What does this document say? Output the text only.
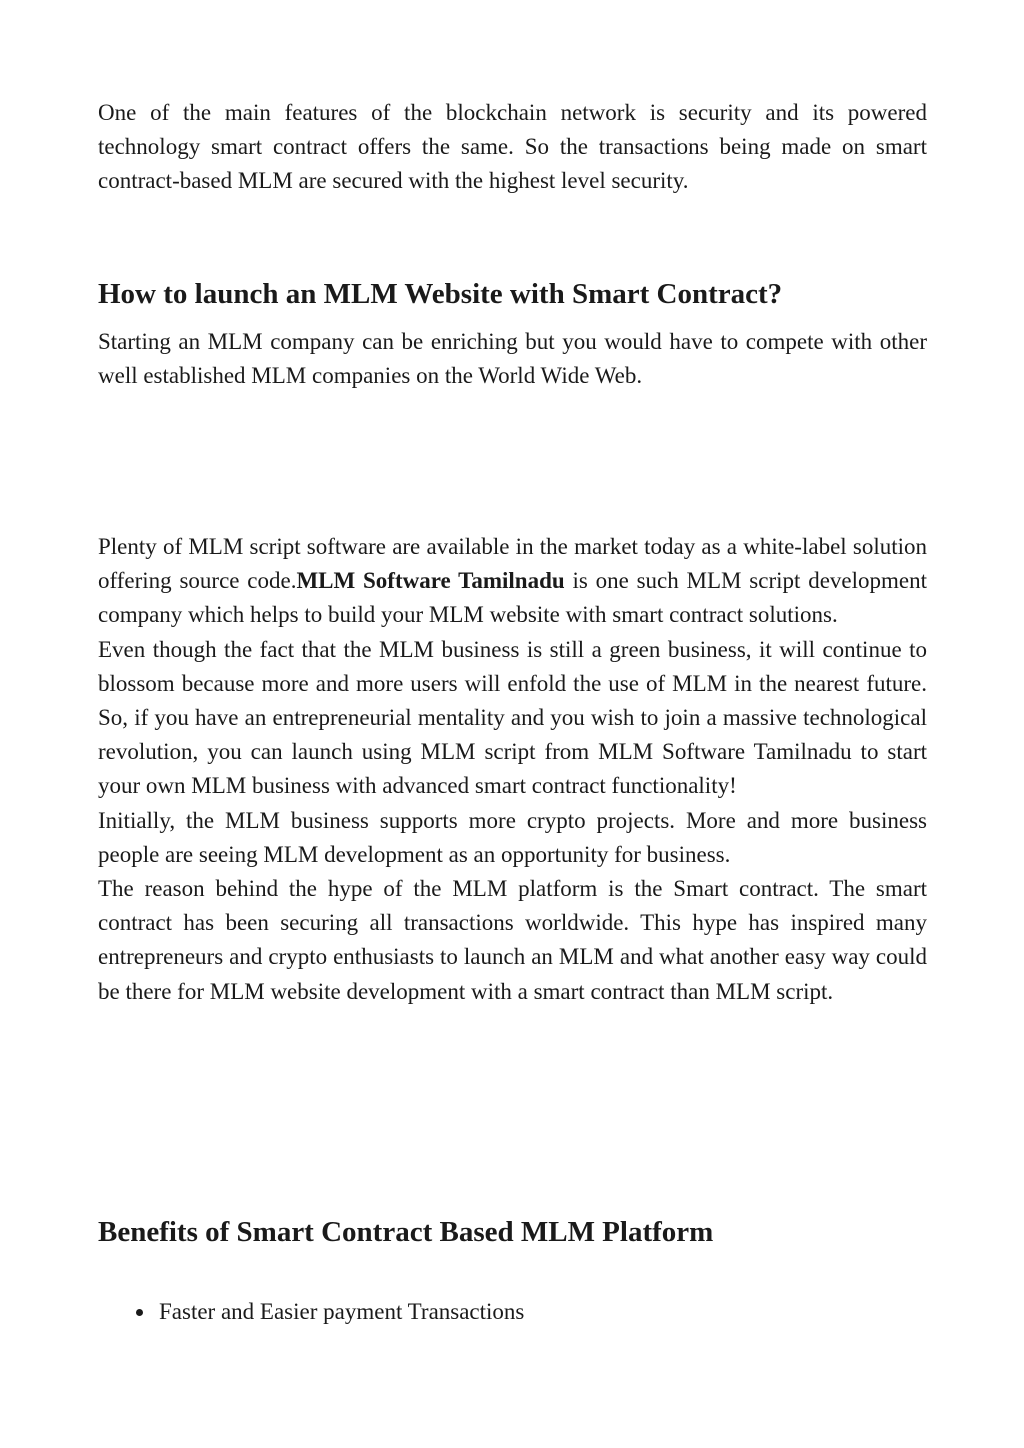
One of the main features of the blockchain network is security and its powered technology smart contract offers the same. So the transactions being made on smart contract-based MLM are secured with the highest level security.

How to launch an MLM Website with Smart Contract?

Starting an MLM company can be enriching but you would have to compete with other well established MLM companies on the World Wide Web.

Plenty of MLM script software are available in the market today as a white-label solution offering source code.MLM Software Tamilnadu is one such MLM script development company which helps to build your MLM website with smart contract solutions.
Even though the fact that the MLM business is still a green business, it will continue to blossom because more and more users will enfold the use of MLM in the nearest future. So, if you have an entrepreneurial mentality and you wish to join a massive technological revolution, you can launch using MLM script from MLM Software Tamilnadu to start your own MLM business with advanced smart contract functionality!
Initially, the MLM business supports more crypto projects. More and more business people are seeing MLM development as an opportunity for business.
The reason behind the hype of the MLM platform is the Smart contract. The smart contract has been securing all transactions worldwide. This hype has inspired many entrepreneurs and crypto enthusiasts to launch an MLM and what another easy way could be there for MLM website development with a smart contract than MLM script.
Benefits of Smart Contract Based MLM Platform
Faster and Easier payment Transactions
